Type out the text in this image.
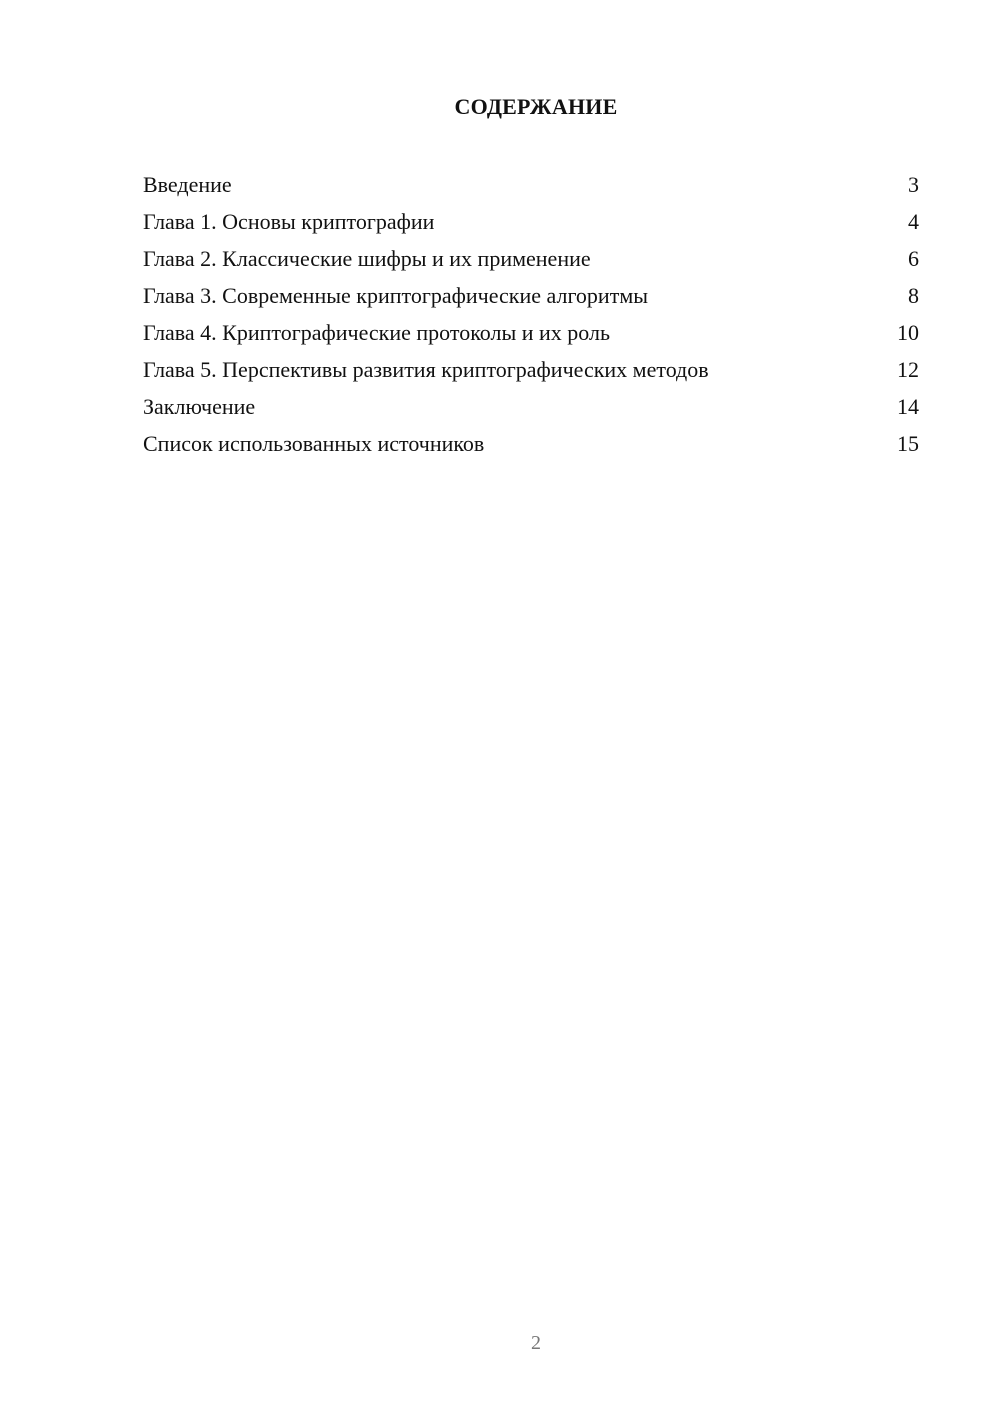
СОДЕРЖАНИЕ
Введение	3
Глава 1. Основы криптографии	4
Глава 2. Классические шифры и их применение	6
Глава 3. Современные криптографические алгоритмы	8
Глава 4. Криптографические протоколы и их роль	10
Глава 5. Перспективы развития криптографических методов	12
Заключение	14
Список использованных источников	15
2
